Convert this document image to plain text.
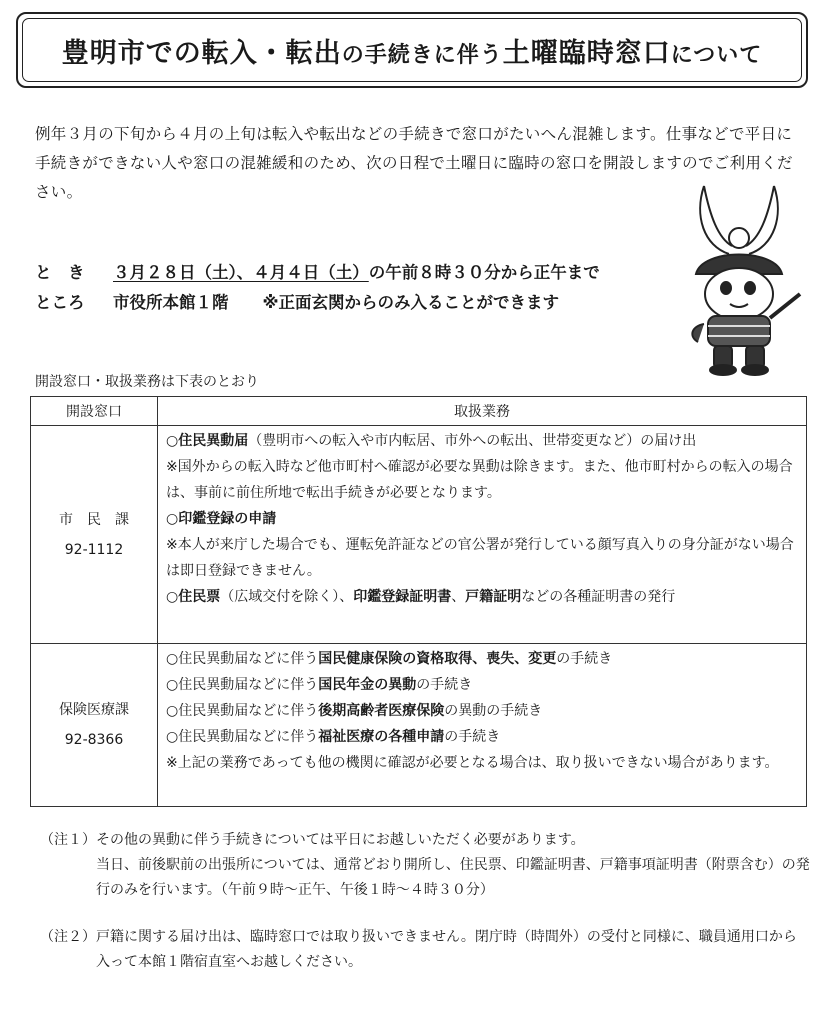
豊明市での転入・転出の手続きに伴う土曜臨時窓口について
例年３月の下旬から４月の上旬は転入や転出などの手続きで窓口がたいへん混雑します。仕事などで平日に手続きができない人や窓口の混雑緩和のため、次の日程で土曜日に臨時の窓口を開設しますのでご利用ください。
と　き ３月２８日（土）、４月４日（土）の午前８時３０分から正午まで
ところ 市役所本館１階 ※正面玄関からのみ入ることができます
開設窓口・取扱業務は下表のとおり
開設窓口	取扱業務

市　民　課
92-1112	○住民異動届（豊明市への転入や市内転居、市外への転出、世帯変更など）の届け出
※国外からの転入時など他市町村へ確認が必要な異動は除きます。また、他市町村からの転入の場合は、事前に前住所地で転出手続きが必要となります。
○印鑑登録の申請
※本人が来庁した場合でも、運転免許証などの官公署が発行している顔写真入りの身分証がない場合は即日登録できません。
○住民票（広域交付を除く）、印鑑登録証明書、戸籍証明などの各種証明書の発行

保険医療課
92-8366	○住民異動届などに伴う国民健康保険の資格取得、喪失、変更の手続き
○住民異動届などに伴う国民年金の異動の手続き
○住民異動届などに伴う後期高齢者医療保険の異動の手続き
○住民異動届などに伴う福祉医療の各種申請の手続き
※上記の業務であっても他の機関に確認が必要となる場合は、取り扱いできない場合があります。
（注１） その他の異動に伴う手続きについては平日にお越しいただく必要があります。
当日、前後駅前の出張所については、通常どおり開所し、住民票、印鑑証明書、戸籍事項証明書（附票含む）の発行のみを行います。（午前９時～正午、午後１時～４時３０分）
（注２） 戸籍に関する届け出は、臨時窓口では取り扱いできません。閉庁時（時間外）の受付と同様に、職員通用口から入って本館１階宿直室へお越しください。
